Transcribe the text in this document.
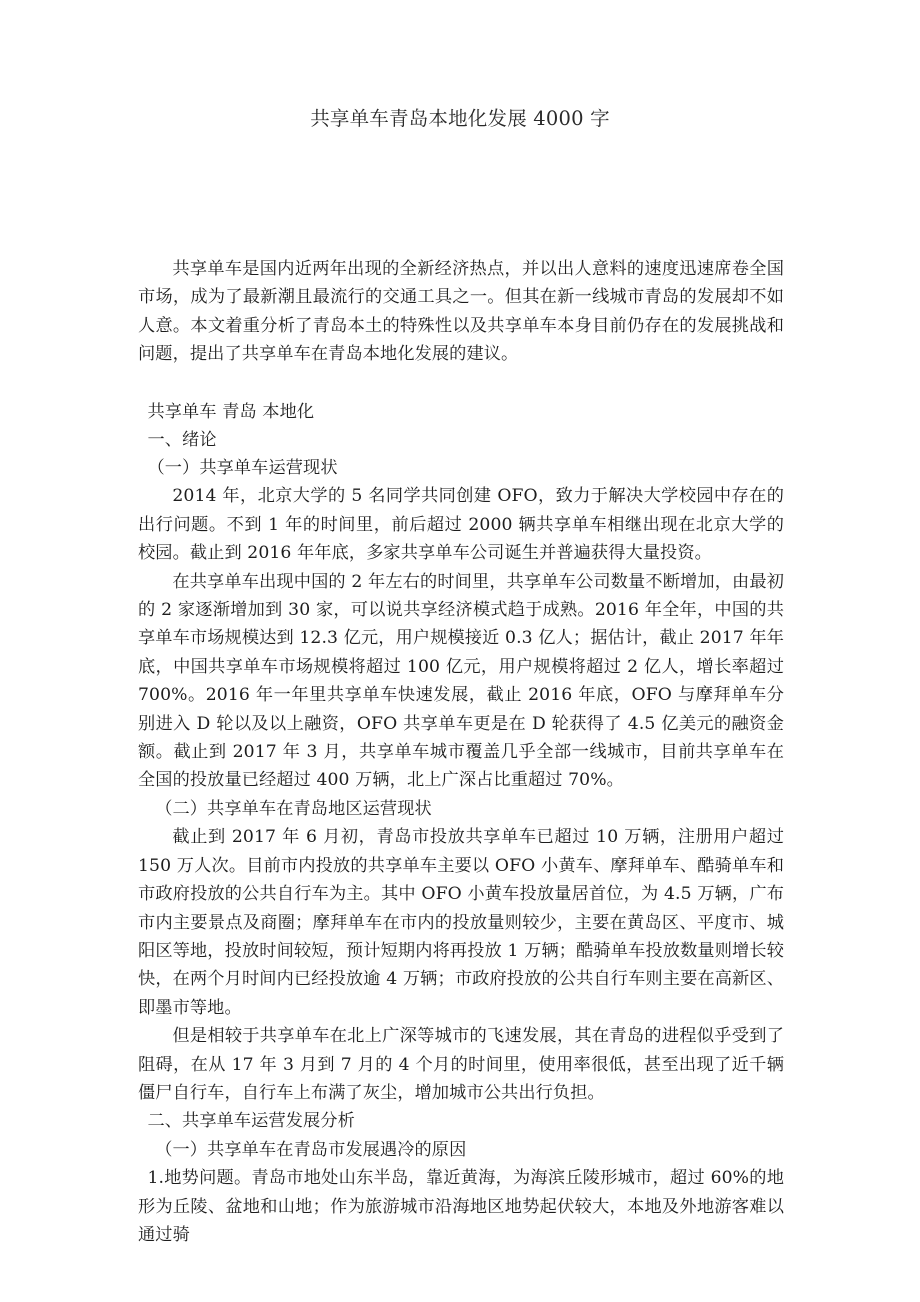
共享单车青岛本地化发展 4000 字

共享单车是国内近两年出现的全新经济热点，并以出人意料的速度迅速席卷全国市场，成为了最新潮且最流行的交通工具之一。但其在新一线城市青岛的发展却不如人意。本文着重分析了青岛本土的特殊性以及共享单车本身目前仍存在的发展挑战和问题，提出了共享单车在青岛本地化发展的建议。

共享单车 青岛 本地化

一、绪论

（一）共享单车运营现状

2014 年，北京大学的 5 名同学共同创建 OFO，致力于解决大学校园中存在的出行问题。不到 1 年的时间里，前后超过 2000 辆共享单车相继出现在北京大学的校园。截止到 2016 年年底，多家共享单车公司诞生并普遍获得大量投资。

在共享单车出现中国的 2 年左右的时间里，共享单车公司数量不断增加，由最初的 2 家逐渐增加到 30 家，可以说共享经济模式趋于成熟。2016 年全年，中国的共享单车市场规模达到 12.3 亿元，用户规模接近 0.3 亿人；据估计，截止 2017 年年底，中国共享单车市场规模将超过 100 亿元，用户规模将超过 2 亿人，增长率超过 700%。2016 年一年里共享单车快速发展，截止 2016 年底，OFO 与摩拜单车分别进入 D 轮以及以上融资，OFO 共享单车更是在 D 轮获得了 4.5 亿美元的融资金额。截止到 2017 年 3 月，共享单车城市覆盖几乎全部一线城市，目前共享单车在全国的投放量已经超过 400 万辆，北上广深占比重超过 70%。

（二）共享单车在青岛地区运营现状

截止到 2017 年 6 月初，青岛市投放共享单车已超过 10 万辆，注册用户超过 150 万人次。目前市内投放的共享单车主要以 OFO 小黄车、摩拜单车、酷骑单车和市政府投放的公共自行车为主。其中 OFO 小黄车投放量居首位，为 4.5 万辆，广布市内主要景点及商圈；摩拜单车在市内的投放量则较少，主要在黄岛区、平度市、城阳区等地，投放时间较短，预计短期内将再投放 1 万辆；酷骑单车投放数量则增长较快，在两个月时间内已经投放逾 4 万辆；市政府投放的公共自行车则主要在高新区、即墨市等地。

但是相较于共享单车在北上广深等城市的飞速发展，其在青岛的进程似乎受到了阻碍，在从 17 年 3 月到 7 月的 4 个月的时间里，使用率很低，甚至出现了近千辆僵尸自行车，自行车上布满了灰尘，增加城市公共出行负担。

二、共享单车运营发展分析

（一）共享单车在青岛市发展遇冷的原因

1.地势问题。青岛市地处山东半岛，靠近黄海，为海滨丘陵形城市，超过 60%的地形为丘陵、盆地和山地；作为旅游城市沿海地区地势起伏较大，本地及外地游客难以通过骑
